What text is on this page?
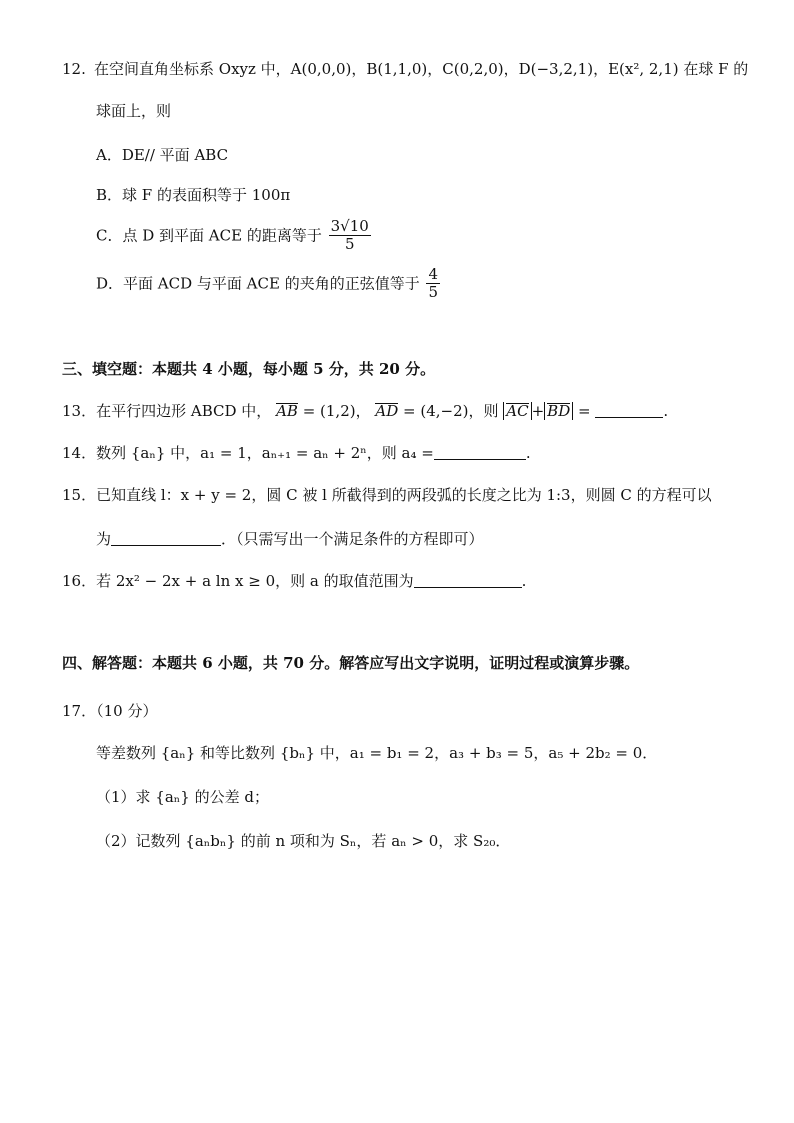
12. 在空间直角坐标系 Oxyz 中，A(0,0,0)，B(1,1,0)，C(0,2,0)，D(−3,2,1)，E(x², 2,1) 在球 F 的
球面上，则
A．DE// 平面 ABC
B．球 F 的表面积等于 100π
C．点 D 到平面 ACE 的距离等于 $\frac{3√10}{5}$
D．平面 ACD 与平面 ACE 的夹角的正弦值等于 $\frac{4}{5}$
三、填空题：本题共 4 小题，每小题 5 分，共 20 分。
13．在平行四边形 ABCD 中， AB = (1,2)， AD = (4,−2)，则 AC + BD =	.
14．数列 {aₙ} 中，a₁ = 1，aₙ₊₁ = aₙ + 2ⁿ，则 a₄ =	.
15．已知直线 l：x + y = 2，圆 C 被 l 所截得到的两段弧的长度之比为 1:3，则圆 C 的方程可以
为	．（只需写出一个满足条件的方程即可）
16．若 2x² − 2x + a ln x ≥ 0，则 a 的取值范围为	.
四、解答题：本题共 6 小题，共 70 分。解答应写出文字说明，证明过程或演算步骤。
17．（10 分）
等差数列 {aₙ} 和等比数列 {bₙ} 中，a₁ = b₁ = 2，a₃ + b₃ = 5，a₅ + 2b₂ = 0．
（1）求 {aₙ} 的公差 d；
（2）记数列 {aₙbₙ} 的前 n 项和为 Sₙ，若 aₙ > 0，求 S₂₀．
